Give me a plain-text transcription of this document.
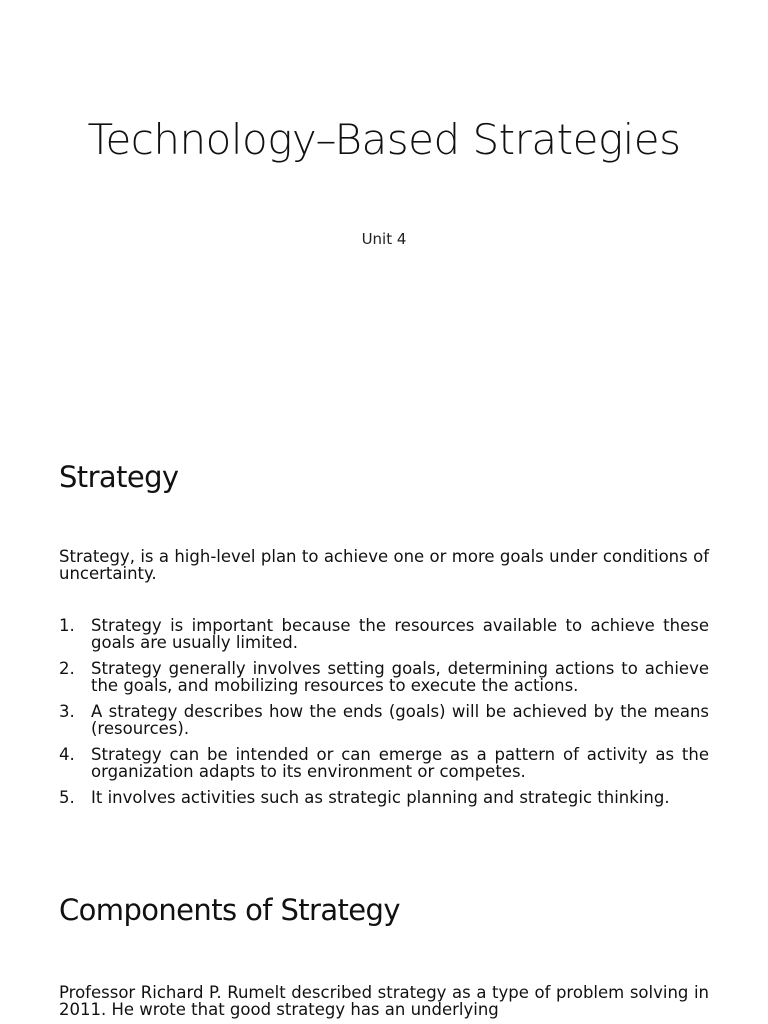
Technology–Based Strategies

Unit 4

Strategy

Strategy, is a high-level plan to achieve one or more goals under conditions of uncertainty.

1. Strategy is important because the resources available to achieve these goals are usually limited.
2. Strategy generally involves setting goals, determining actions to achieve the goals, and mobilizing resources to execute the actions.
3. A strategy describes how the ends (goals) will be achieved by the means (resources).
4. Strategy can be intended or can emerge as a pattern of activity as the organization adapts to its environment or competes.
5. It involves activities such as strategic planning and strategic thinking.
Components of Strategy

Professor Richard P. Rumelt described strategy as a type of problem solving in 2011. He wrote that good strategy has an underlying
